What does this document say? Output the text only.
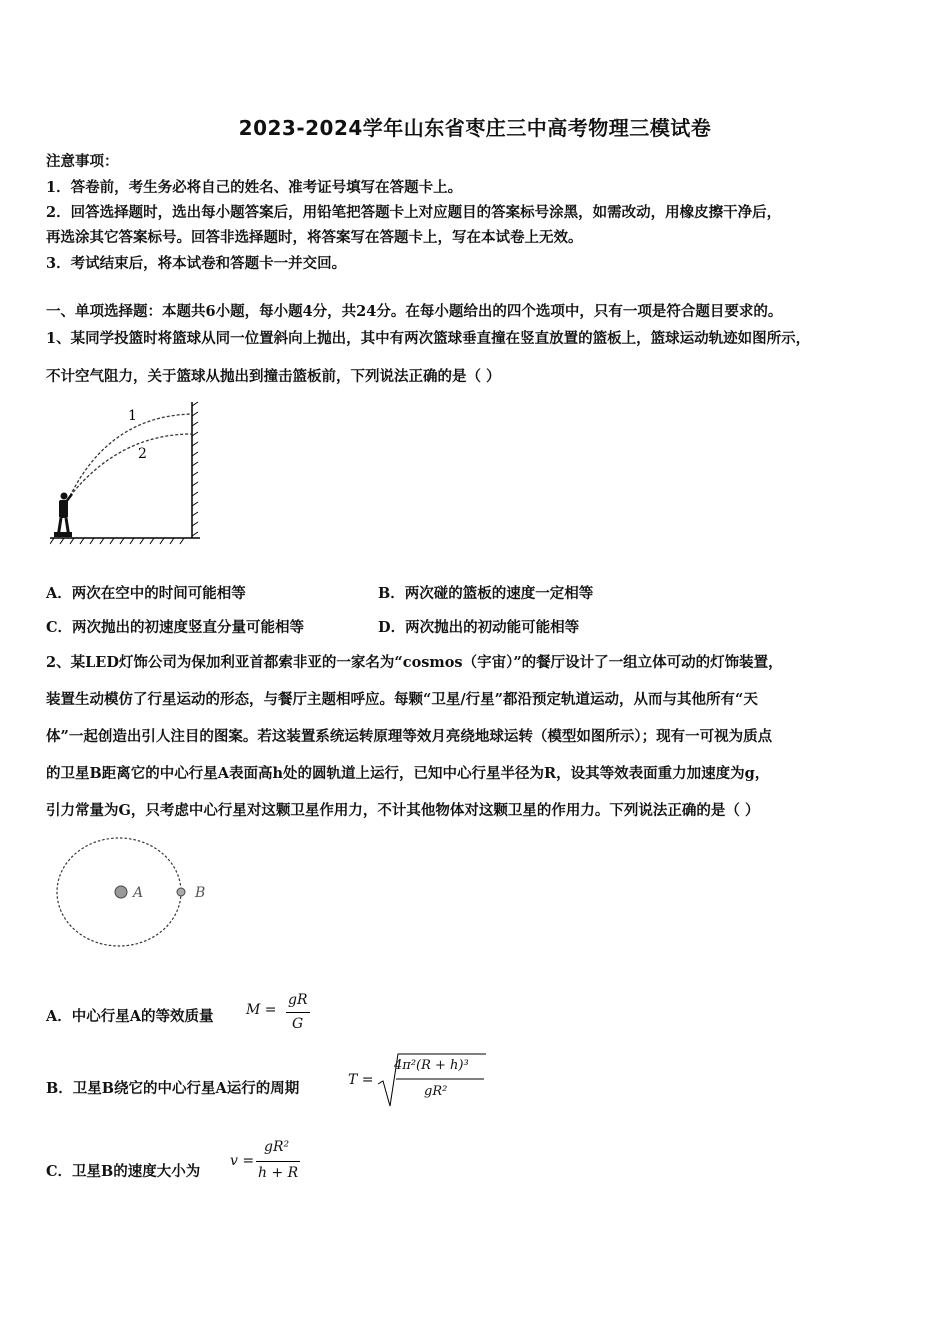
2023-2024学年山东省枣庄三中高考物理三模试卷
注意事项：
1．答卷前，考生务必将自己的姓名、准考证号填写在答题卡上。
2．回答选择题时，选出每小题答案后，用铅笔把答题卡上对应题目的答案标号涂黑，如需改动，用橡皮擦干净后，
再选涂其它答案标号。回答非选择题时，将答案写在答题卡上，写在本试卷上无效。
3．考试结束后，将本试卷和答题卡一并交回。
一、单项选择题：本题共6小题，每小题4分，共24分。在每小题给出的四个选项中，只有一项是符合题目要求的。
1、某同学投篮时将篮球从同一位置斜向上抛出，其中有两次篮球垂直撞在竖直放置的篮板上，篮球运动轨迹如图所示，
不计空气阻力，关于篮球从抛出到撞击篮板前，下列说法正确的是（ ）
1
2
A．两次在空中的时间可能相等	B．两次碰的篮板的速度一定相等
C．两次抛出的初速度竖直分量可能相等	D．两次抛出的初动能可能相等
2、某LED灯饰公司为保加利亚首都索非亚的一家名为“cosmos（宇宙）”的餐厅设计了一组立体可动的灯饰装置，
装置生动模仿了行星运动的形态，与餐厅主题相呼应。每颗“卫星/行星”都沿预定轨道运动，从而与其他所有“天
体”一起创造出引人注目的图案。若这装置系统运转原理等效月亮绕地球运转（模型如图所示）；现有一可视为质点
的卫星B距离它的中心行星A表面高h处的圆轨道上运行，已知中心行星半径为R，设其等效表面重力加速度为g，
引力常量为G，只考虑中心行星对这颗卫星作用力，不计其他物体对这颗卫星的作用力。下列说法正确的是（ ）
A	B
A．中心行星A的等效质量 M =
gR
G
B．卫星B绕它的中心行星A运行的周期	T =
4π²(R + h)³
gR²
C．卫星B的速度大小为
v =
gR²
h + R
